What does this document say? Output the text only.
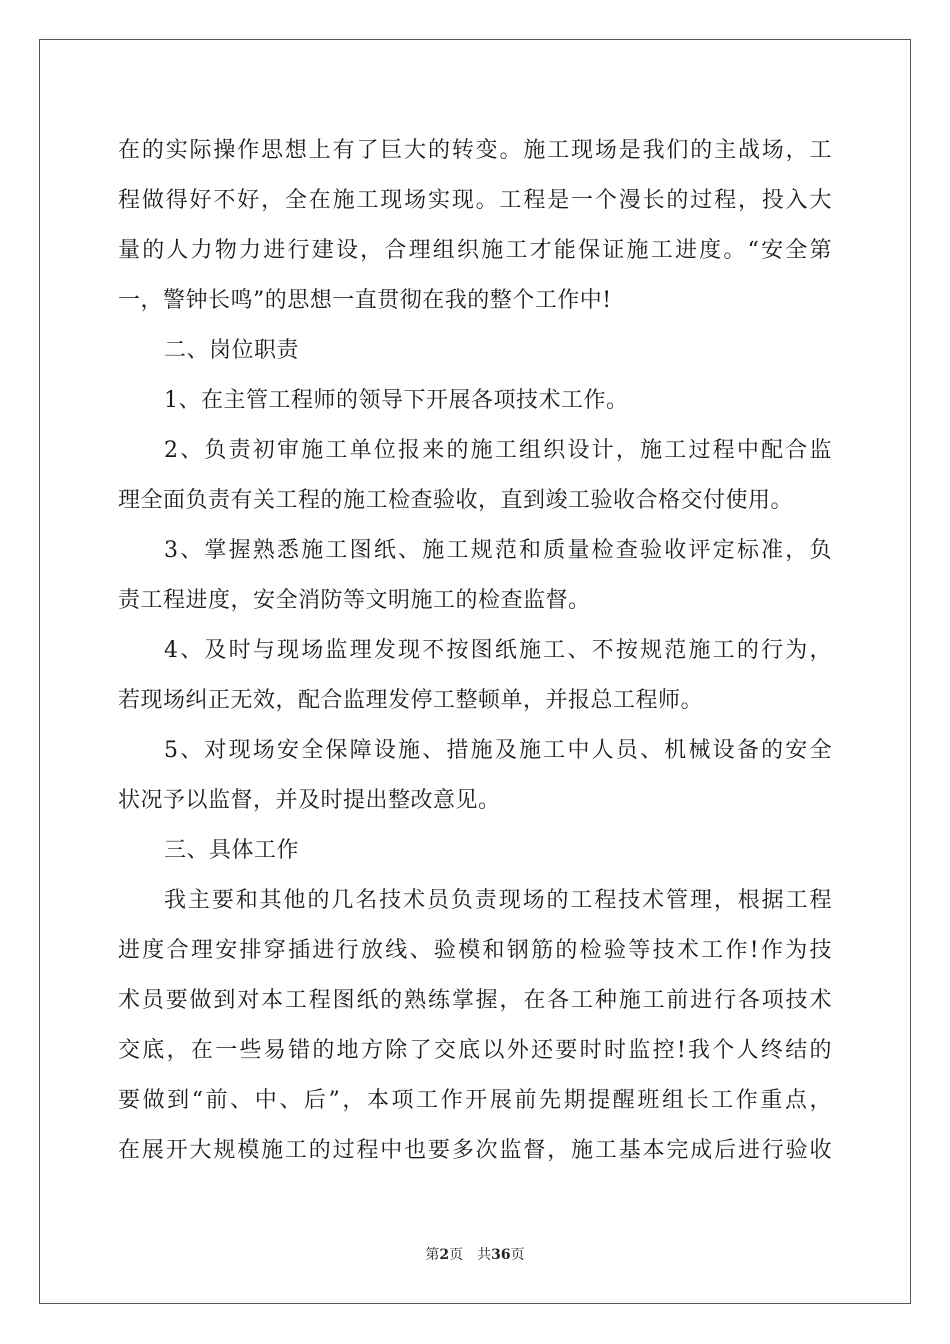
在的实际操作思想上有了巨大的转变。施工现场是我们的主战场，工
程做得好不好，全在施工现场实现。工程是一个漫长的过程，投入大
量的人力物力进行建设，合理组织施工才能保证施工进度。“安全第
一，警钟长鸣”的思想一直贯彻在我的整个工作中!
二、岗位职责
1、在主管工程师的领导下开展各项技术工作。
2、负责初审施工单位报来的施工组织设计，施工过程中配合监
理全面负责有关工程的施工检查验收，直到竣工验收合格交付使用。
3、掌握熟悉施工图纸、施工规范和质量检查验收评定标准，负
责工程进度，安全消防等文明施工的检查监督。
4、及时与现场监理发现不按图纸施工、不按规范施工的行为，
若现场纠正无效，配合监理发停工整顿单，并报总工程师。
5、对现场安全保障设施、措施及施工中人员、机械设备的安全
状况予以监督，并及时提出整改意见。
三、具体工作
我主要和其他的几名技术员负责现场的工程技术管理，根据工程
进度合理安排穿插进行放线、验模和钢筋的检验等技术工作!作为技
术员要做到对本工程图纸的熟练掌握，在各工种施工前进行各项技术
交底，在一些易错的地方除了交底以外还要时时监控!我个人终结的
要做到“前、中、后”，本项工作开展前先期提醒班组长工作重点，
在展开大规模施工的过程中也要多次监督，施工基本完成后进行验收
第2页 共36页
